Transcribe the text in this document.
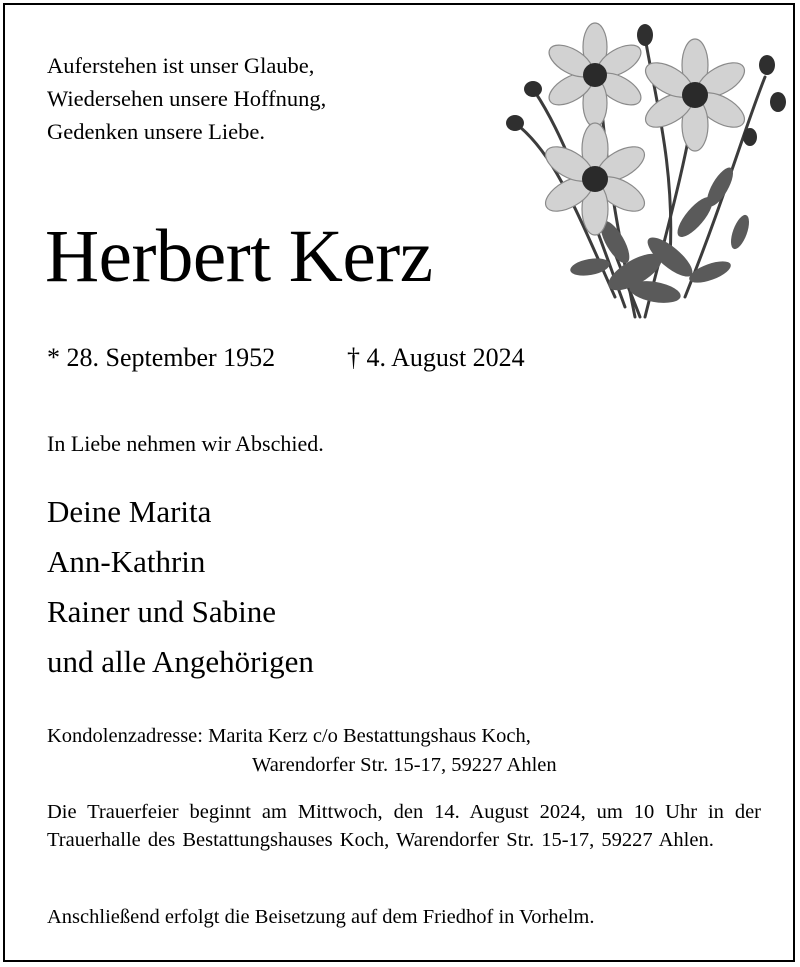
Auferstehen ist unser Glaube,
Wiedersehen unsere Hoffnung,
Gedenken unsere Liebe.
Herbert Kerz
* 28. September 1952	† 4. August 2024
In Liebe nehmen wir Abschied.
Deine Marita
Ann-Kathrin
Rainer und Sabine
und alle Angehörigen
Kondolenzadresse: Marita Kerz c/o Bestattungshaus Koch,
Warendorfer Str. 15-17, 59227 Ahlen
Die Trauerfeier beginnt am Mittwoch, den 14. August 2024, um 10 Uhr in der Trauerhalle des Bestattungshauses Koch, Warendorfer Str. 15-17, 59227 Ahlen.
Anschließend erfolgt die Beisetzung auf dem Friedhof in Vorhelm.
